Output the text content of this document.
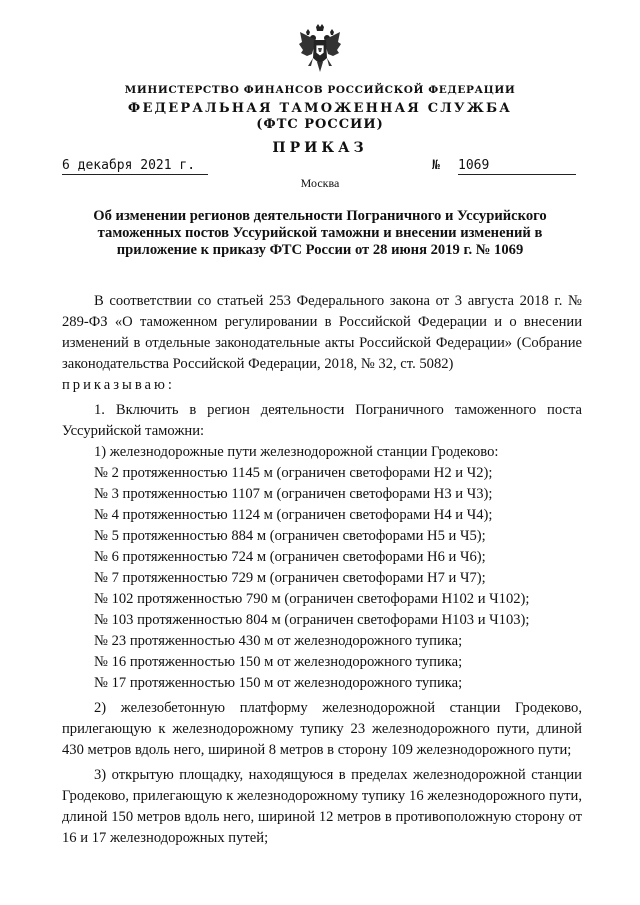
МИНИСТЕРСТВО ФИНАНСОВ РОССИЙСКОЙ ФЕДЕРАЦИИ
ФЕДЕРАЛЬНАЯ ТАМОЖЕННАЯ СЛУЖБА
(ФТС РОССИИ)
ПРИКАЗ
6 декабря 2021 г.	№ 1069
Москва
Об изменении регионов деятельности Пограничного и Уссурийского таможенных постов Уссурийской таможни и внесении изменений в приложение к приказу ФТС России от 28 июня 2019 г. № 1069

В соответствии со статьей 253 Федерального закона от 3 августа 2018 г. № 289-ФЗ «О таможенном регулировании в Российской Федерации и о внесении изменений в отдельные законодательные акты Российской Федерации» (Собрание законодательства Российской Федерации, 2018, № 32, ст. 5082)

приказываю:

1. Включить в регион деятельности Пограничного таможенного поста Уссурийской таможни:

1) железнодорожные пути железнодорожной станции Гродеково:

№ 2 протяженностью 1145 м (ограничен светофорами Н2 и Ч2);

№ 3 протяженностью 1107 м (ограничен светофорами Н3 и Ч3);

№ 4 протяженностью 1124 м (ограничен светофорами Н4 и Ч4);

№ 5 протяженностью 884 м (ограничен светофорами Н5 и Ч5);

№ 6 протяженностью 724 м (ограничен светофорами Н6 и Ч6);

№ 7 протяженностью 729 м (ограничен светофорами Н7 и Ч7);

№ 102 протяженностью 790 м (ограничен светофорами Н102 и Ч102);

№ 103 протяженностью 804 м (ограничен светофорами Н103 и Ч103);

№ 23 протяженностью 430 м от железнодорожного тупика;

№ 16 протяженностью 150 м от железнодорожного тупика;

№ 17 протяженностью 150 м от железнодорожного тупика;

2) железобетонную платформу железнодорожной станции Гродеково, прилегающую к железнодорожному тупику 23 железнодорожного пути, длиной 430 метров вдоль него, шириной 8 метров в сторону 109 железнодорожного пути;

3) открытую площадку, находящуюся в пределах железнодорожной станции Гродеково, прилегающую к железнодорожному тупику 16 железнодорожного пути, длиной 150 метров вдоль него, шириной 12 метров в противоположную сторону от 16 и 17 железнодорожных путей;
